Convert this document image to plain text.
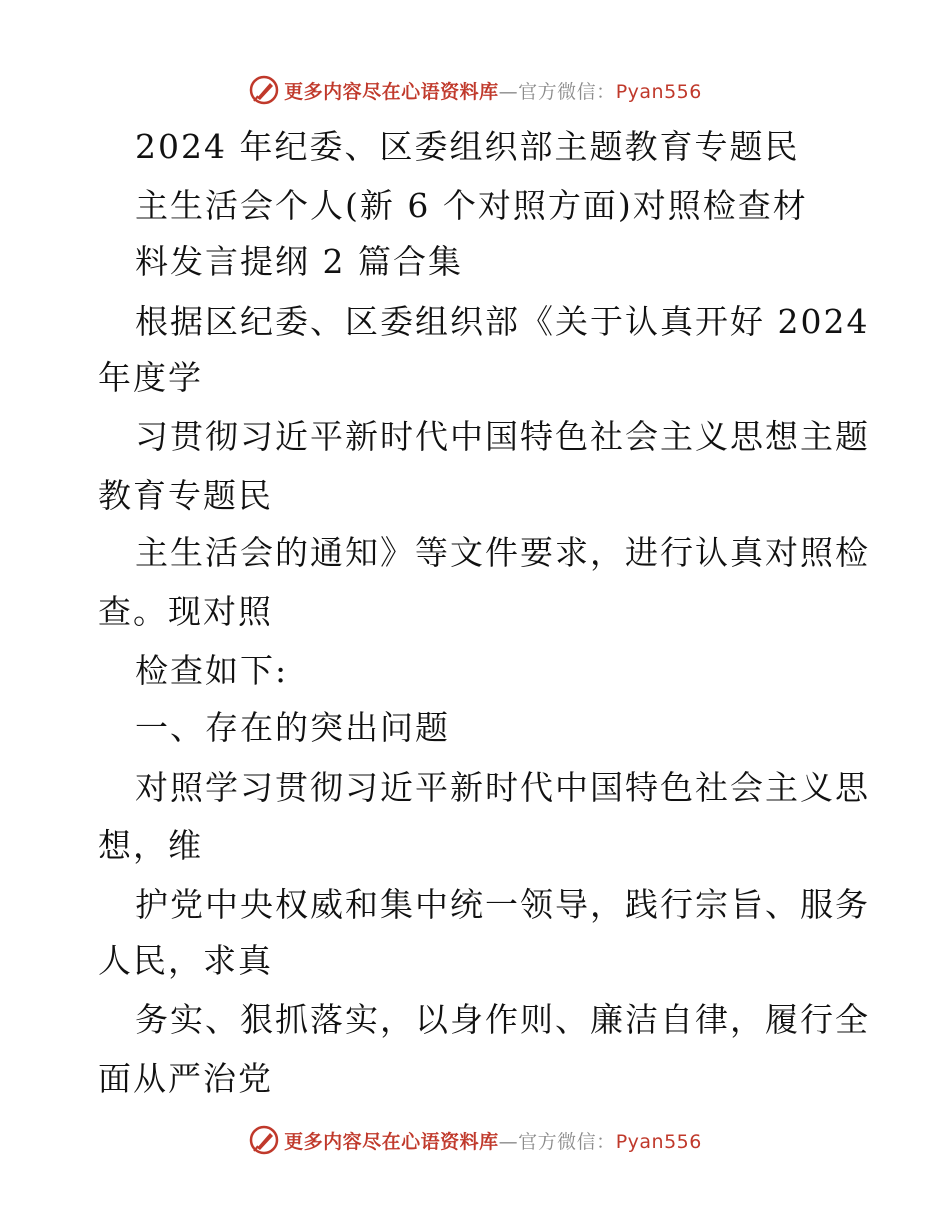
更多内容尽在心语资料库—官方微信：Pyan556
2024 年纪委、区委组织部主题教育专题民
主生活会个人(新 6 个对照方面)对照检查材
料发言提纲 2 篇合集
根据区纪委、区委组织部《关于认真开好 2024
年度学
习贯彻习近平新时代中国特色社会主义思想主题
教育专题民
主生活会的通知》等文件要求，进行认真对照检
查。现对照
检查如下:
一、存在的突出问题
对照学习贯彻习近平新时代中国特色社会主义思
想，维
护党中央权威和集中统一领导，践行宗旨、服务
人民，求真
务实、狠抓落实，以身作则、廉洁自律，履行全
面从严治党
更多内容尽在心语资料库—官方微信：Pyan556
